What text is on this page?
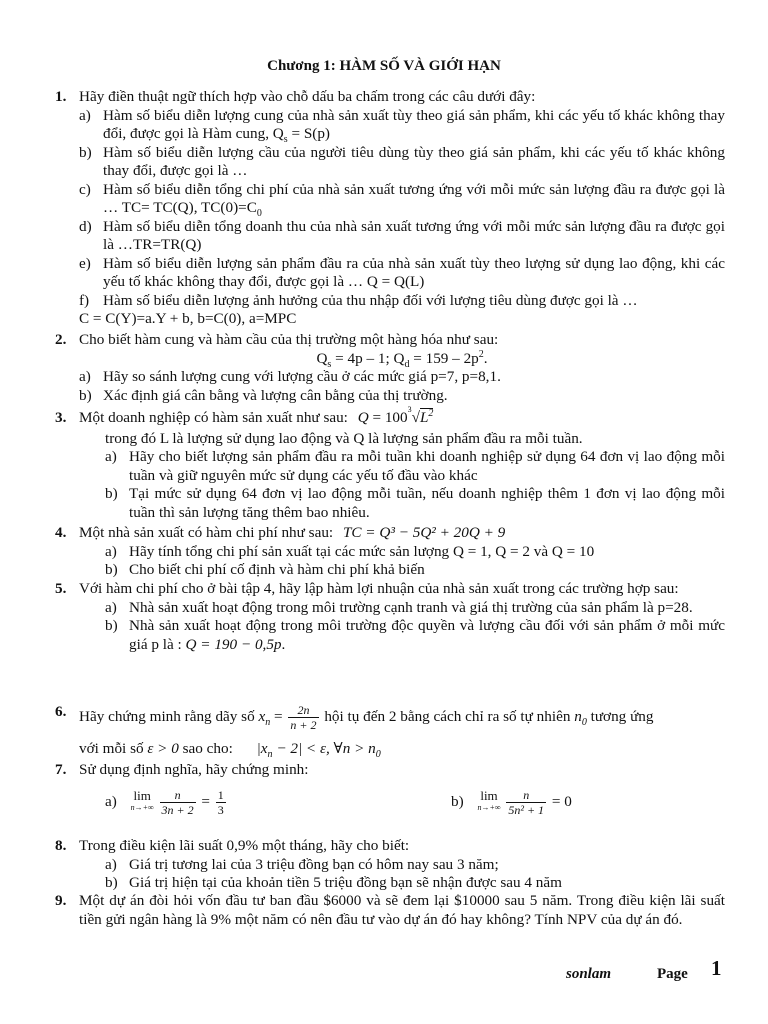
Chương 1: HÀM SỐ VÀ GIỚI HẠN
1. Hãy điền thuật ngữ thích hợp vào chỗ dấu ba chấm trong các câu dưới đây:
a) Hàm số biểu diễn lượng cung của nhà sản xuất tùy theo giá sản phẩm, khi các yếu tố khác không thay đổi, được gọi là Hàm cung, $Q_s = S(p)$
b) Hàm số biểu diễn lượng cầu của người tiêu dùng tùy theo giá sản phẩm, khi các yếu tố khác không thay đổi, được gọi là …
c) Hàm số biểu diễn tổng chi phí của nhà sản xuất tương ứng với mỗi mức sản lượng đầu ra được gọi là … TC= TC(Q), $TC(0)=C_0$
d) Hàm số biểu diễn tổng doanh thu của nhà sản xuất tương ứng với mỗi mức sản lượng đầu ra được gọi là …TR=TR(Q)
e) Hàm số biểu diễn lượng sản phẩm đầu ra của nhà sản xuất tùy theo lượng sử dụng lao động, khi các yếu tố khác không thay đổi, được gọi là … Q = Q(L)
f) Hàm số biểu diễn lượng ảnh hưởng của thu nhập đối với lượng tiêu dùng được gọi là …
C = C(Y)=a.Y + b, b=C(0), a=MPC
2. Cho biết hàm cung và hàm cầu của thị trường một hàng hóa như sau:
$Q_s = 4p - 1$; $Q_d = 159 - 2p^2$.
a) Hãy so sánh lượng cung với lượng cầu ở các mức giá p=7, p=8,1.
b) Xác định giá cân bằng và lượng cân bằng của thị trường.
3. Một doanh nghiệp có hàm sản xuất như sau: $Q = 100^3√L^2$
trong đó L là lượng sử dụng lao động và Q là lượng sản phẩm đầu ra mỗi tuần.
a) Hãy cho biết lượng sản phẩm đầu ra mỗi tuần khi doanh nghiệp sử dụng 64 đơn vị lao động mỗi tuần và giữ nguyên mức sử dụng các yếu tố đầu vào khác
b) Tại mức sử dụng 64 đơn vị lao động mỗi tuần, nếu doanh nghiệp thêm 1 đơn vị lao động mỗi tuần thì sản lượng tăng thêm bao nhiêu.
4. Một nhà sản xuất có hàm chi phí như sau: TC = Q³ − 5Q² + 20Q + 9
a) Hãy tính tổng chi phí sản xuất tại các mức sản lượng Q = 1, Q = 2 và Q = 10
b) Cho biết chi phí cố định và hàm chi phí khả biến
5. Với hàm chi phí cho ở bài tập 4, hãy lập hàm lợi nhuận của nhà sản xuất trong các trường hợp sau:
a) Nhà sản xuất hoạt động trong môi trường cạnh tranh và giá thị trường của sản phẩm là p=28.
b) Nhà sản xuất hoạt động trong môi trường độc quyền và lượng cầu đối với sản phẩm ở mỗi mức giá p là : Q = 190 − 0,5p.
6. Hãy chứng minh rằng dãy số $x_n = \frac{2n}{n + 2}$ hội tụ đến 2 bằng cách chỉ ra số tự nhiên $n_0$ tương ứng
với mỗi số ε > 0 sao cho: $|x_n - 2| < \varepsilon$, ∀n > $n_0$
7. Sử dụng định nghĩa, hãy chứng minh:
a) lim
n→+∞
$\frac{n}{3n + 2} = \frac{1}{3}$	b) lim
n→+∞
$\frac{n}{\text{5n² + 1}} = 0$
8. Trong điều kiện lãi suất 0,9% một tháng, hãy cho biết:
a) Giá trị tương lai của 3 triệu đồng bạn có hôm nay sau 3 năm;
b) Giá trị hiện tại của khoản tiền 5 triệu đồng bạn sẽ nhận được sau 4 năm
9. Một dự án đòi hỏi vốn đầu tư ban đầu $6000 và sẽ đem lại $10000 sau 5 năm. Trong điều kiện lãi suất tiền gửi ngân hàng là 9% một năm có nên đầu tư vào dự án đó hay không? Tính NPV của dự án đó.
sonlam	Page 1
